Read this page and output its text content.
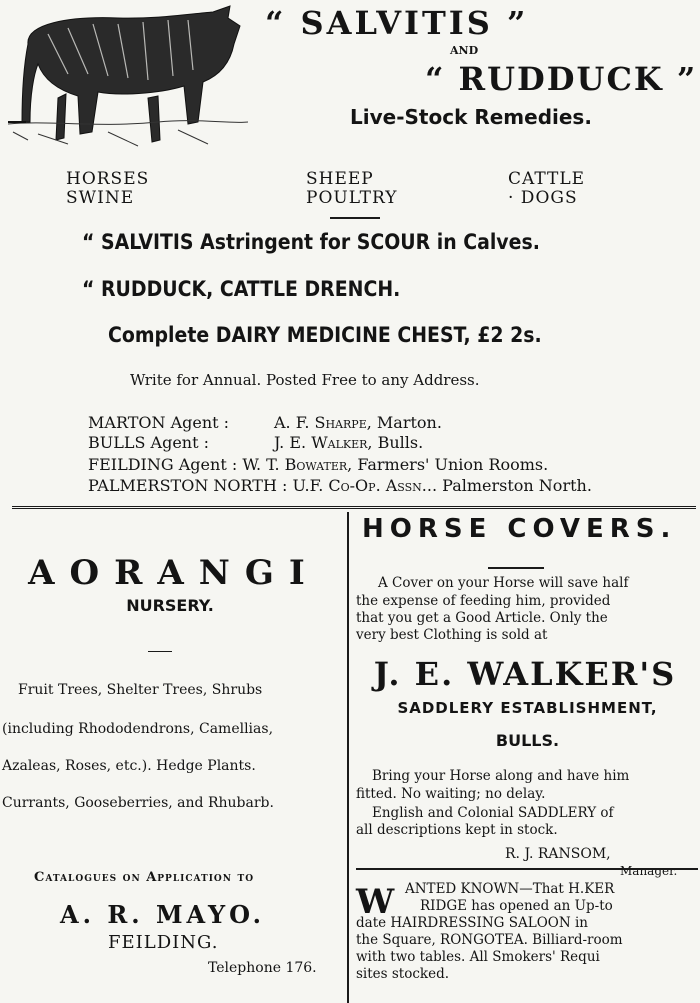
“ SALVITIS ”
AND
“ RUDDUCK ”
Live-Stock Remedies.
HORSES
SWINE
SHEEP
POULTRY
CATTLE
· DOGS
“ SALVITIS Astringent for SCOUR in Calves.
“ RUDDUCK, CATTLE DRENCH.
Complete DAIRY MEDICINE CHEST, £2 2s.
Write for Annual. Posted Free to any Address.
MARTON Agent :	A. F. Sharpe, Marton.
BULLS Agent :	J. E. Walker, Bulls.
FEILDING Agent : W. T. Bowater, Farmers' Union Rooms.
PALMERSTON NORTH : U.F. Co-Op. Assn... Palmerston North.
AORANGI
NURSERY.
Fruit Trees, Shelter Trees, Shrubs
(including Rhododendrons, Camellias,
Azaleas, Roses, etc.). Hedge Plants.
Currants, Gooseberries, and Rhubarb.
Catalogues on Application to
A. R. MAYO.
FEILDING.
Telephone 176.
HORSE COVERS.
A Cover on your Horse will save half
the expense of feeding him, provided
that you get a Good Article. Only the
very best Clothing is sold at
J. E. WALKER'S
SADDLERY ESTABLISHMENT,
BULLS.
Bring your Horse along and have him
fitted. No waiting; no delay.
English and Colonial SADDLERY of
all descriptions kept in stock.
R. J. RANSOM,
Manager.
W ANTED KNOWN—That H.KER
RIDGE has opened an Up-to
date HAIRDRESSING SALOON in
the Square, RONGOTEA. Billiard-room
with two tables. All Smokers' Requi
sites stocked.
